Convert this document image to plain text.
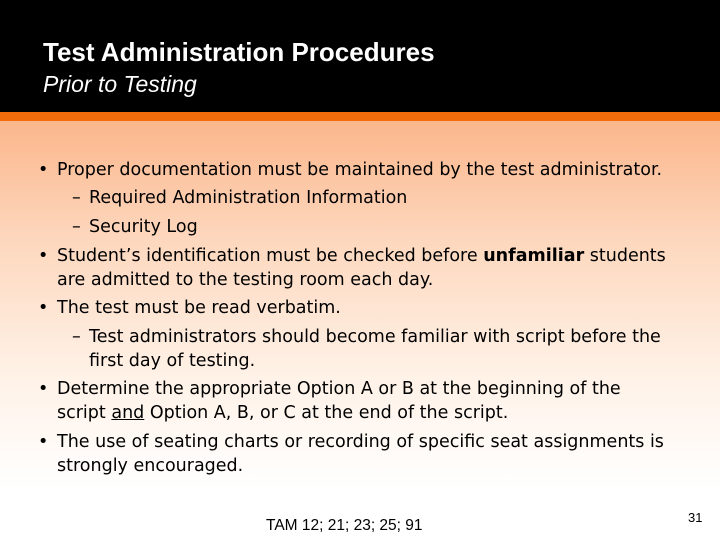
Test Administration Procedures
Prior to Testing
• Proper documentation must be maintained by the test administrator.
– Required Administration Information
– Security Log
• Student’s identification must be checked before unfamiliar students
are admitted to the testing room each day.
• The test must be read verbatim.
– Test administrators should become familiar with script before the
first day of testing.
• Determine the appropriate Option A or B at the beginning of the
script and Option A, B, or C at the end of the script.
• The use of seating charts or recording of specific seat assignments is
strongly encouraged.
TAM 12; 21; 23; 25; 91	31
